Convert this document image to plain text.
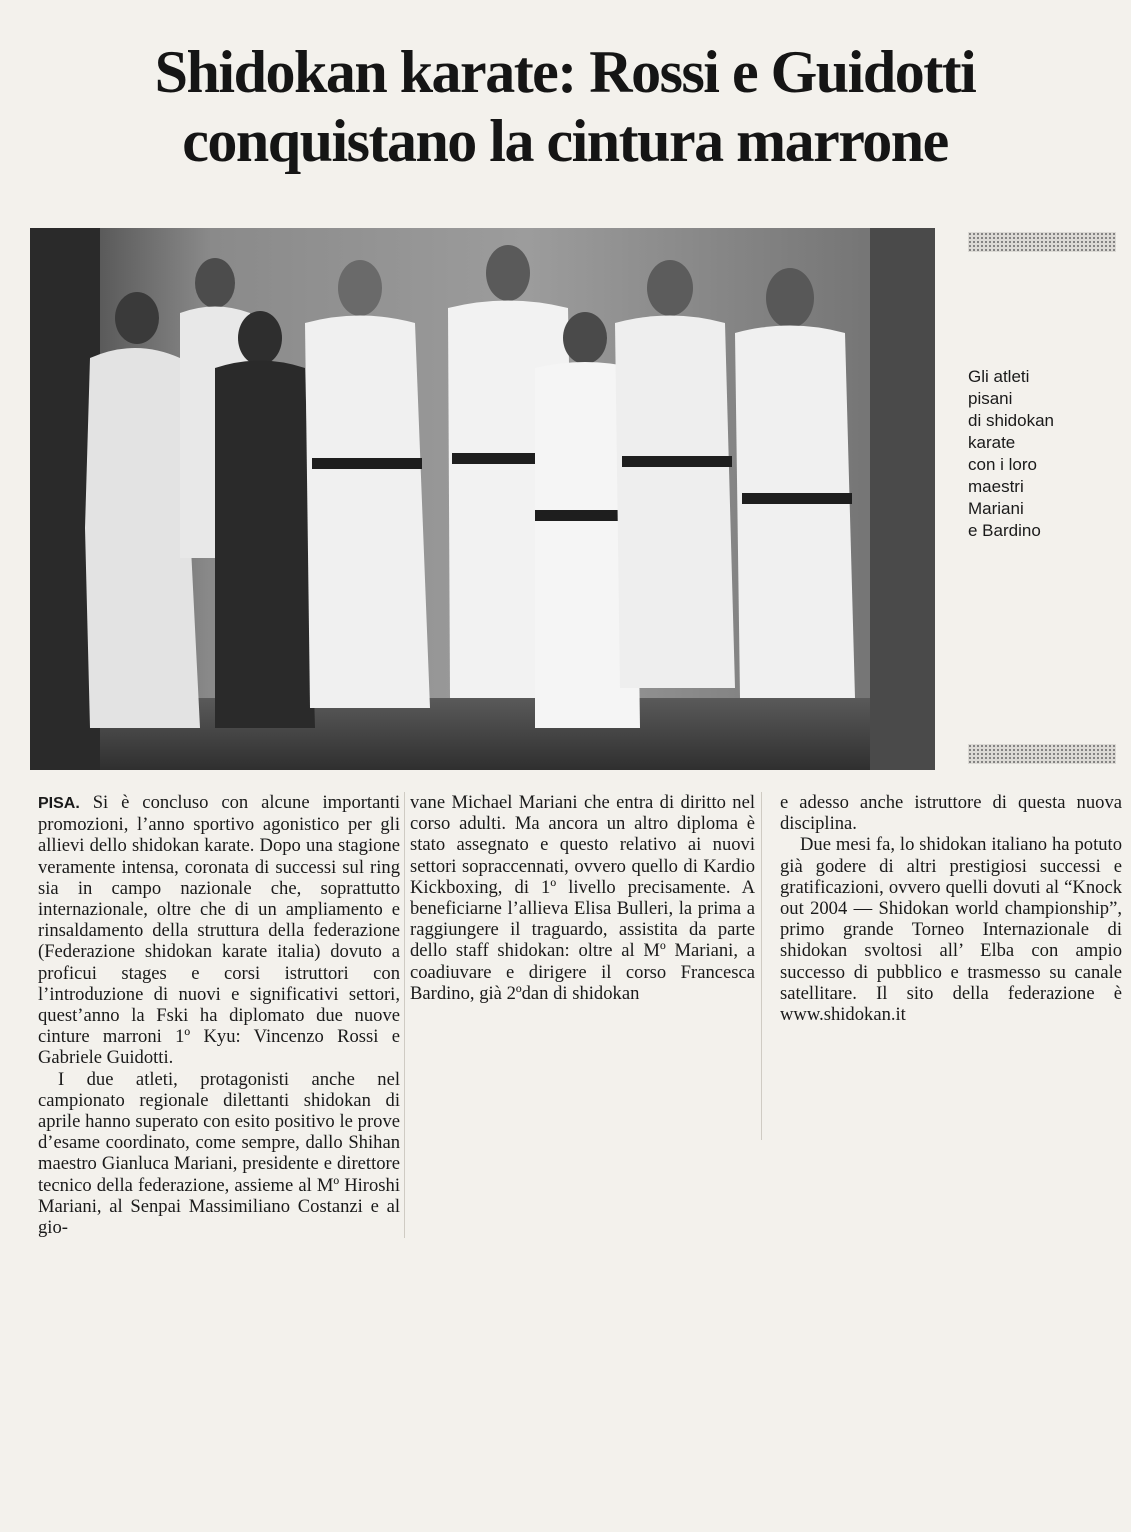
Shidokan karate: Rossi e Guidotti
conquistano la cintura marrone
Gli atleti
pisani
di shidokan
karate
con i loro
maestri
Mariani
e Bardino

PISA. Si è concluso con alcune importanti promozioni, l’anno sportivo agonistico per gli allievi dello shidokan karate. Dopo una stagione veramente intensa, coronata di successi sul ring sia in campo nazionale che, soprattutto internazionale, oltre che di un ampliamento e rinsaldamento della struttura della federazione (Federazione shidokan karate italia) dovuto a proficui stages e corsi istruttori con l’introduzione di nuovi e significativi settori, quest’anno la Fski ha diplomato due nuove cinture marroni 1º Kyu: Vincenzo Rossi e Gabriele Guidotti.

I due atleti, protagonisti anche nel campionato regionale dilettanti shidokan di aprile hanno superato con esito positivo le prove d’esame coordinato, come sempre, dallo Shihan maestro Gianluca Mariani, presidente e direttore tecnico della federazione, assieme al Mº Hiroshi Mariani, al Senpai Massimiliano Costanzi e al gio-

vane Michael Mariani che entra di diritto nel corso adulti. Ma ancora un altro diploma è stato assegnato e questo relativo ai nuovi settori sopraccennati, ovvero quello di Kardio Kickboxing, di 1º livello precisamente. A beneficiarne l’allieva Elisa Bulleri, la prima a raggiungere il traguardo, assistita da parte dello staff shidokan: oltre al Mº Mariani, a coadiuvare e dirigere il corso Francesca Bardino, già 2ºdan di shidokan

e adesso anche istruttore di questa nuova disciplina.

Due mesi fa, lo shidokan italiano ha potuto già godere di altri prestigiosi successi e gratificazioni, ovvero quelli dovuti al “Knock out 2004 — Shidokan world championship”, primo grande Torneo Internazionale di shidokan svoltosi all’ Elba con ampio successo di pubblico e trasmesso su canale satellitare. Il sito della federazione è www.shidokan.it
